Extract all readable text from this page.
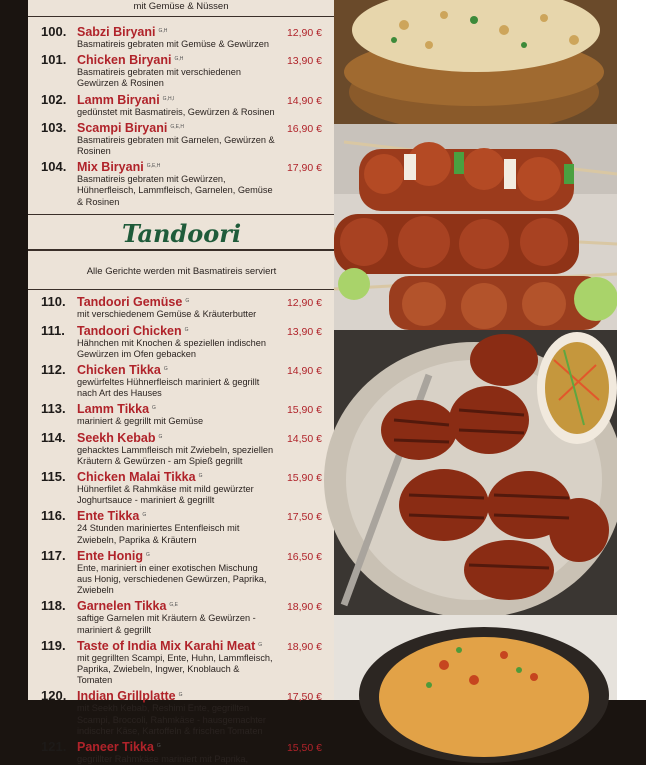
mit Gemüse & Nüssen

100. Sabzi Biryani G,H	12,90 €
Basmatireis gebraten mit Gemüse & Gewürzen
101. Chicken Biryani G,H	13,90 €
Basmatireis gebraten mit verschiedenen Gewürzen & Rosinen
102. Lamm Biryani G,H,I	14,90 €
gedünstet mit Basmatireis, Gewürzen & Rosinen
103. Scampi Biryani G,E,H	16,90 €
Basmatireis gebraten mit Garnelen, Gewürzen & Rosinen
104. Mix Biryani G,E,H	17,90 €
Basmatireis gebraten mit Gewürzen, Hühnerfleisch, Lammfleisch, Garnelen, Gemüse & Rosinen
Tandoori

Alle Gerichte werden mit Basmatireis serviert

110. Tandoori Gemüse G	12,90 €
mit verschiedenem Gemüse & Kräuterbutter
111. Tandoori Chicken G	13,90 €
Hähnchen mit Knochen & speziellen indischen Gewürzen im Ofen gebacken
112. Chicken Tikka G	14,90 €
gewürfeltes Hühnerfleisch mariniert & gegrillt nach Art des Hauses
113. Lamm Tikka G	15,90 €
mariniert & gegrillt mit Gemüse
114. Seekh Kebab G	14,50 €
gehacktes Lammfleisch mit Zwiebeln, speziellen Kräutern & Gewürzen - am Spieß gegrillt
115. Chicken Malai Tikka G	15,90 €
Hühnerfilet & Rahmkäse mit mild gewürzter Joghurtsauce - mariniert & gegrillt
116. Ente Tikka G	17,50 €
24 Stunden mariniertes Entenfleisch mit Zwiebeln, Paprika & Kräutern
117. Ente Honig G	16,50 €
Ente, mariniert in einer exotischen Mischung aus Honig, verschiedenen Gewürzen, Paprika, Zwiebeln
118. Garnelen Tikka G,E	18,90 €
saftige Garnelen mit Kräutern & Gewürzen - mariniert & gegrillt
119. Taste of India Mix Karahi Meat G 18,90 €
mit gegrillten Scampi, Ente, Huhn, Lammfleisch, Paprika, Zwiebeln, Ingwer, Knoblauch & Tomaten
120. Indian Grillplatte G	17,50 €
mit Seekh Kebab, Reshimi Ente, gegrillten Scampi, Broccoli, Rahmkäse - hausgemachter indischer Käse, Kartoffeln & frischen Tomaten
121. Paneer Tikka G	15,50 €
gegrillter Rahmkäse mariniert mit Paprika,
